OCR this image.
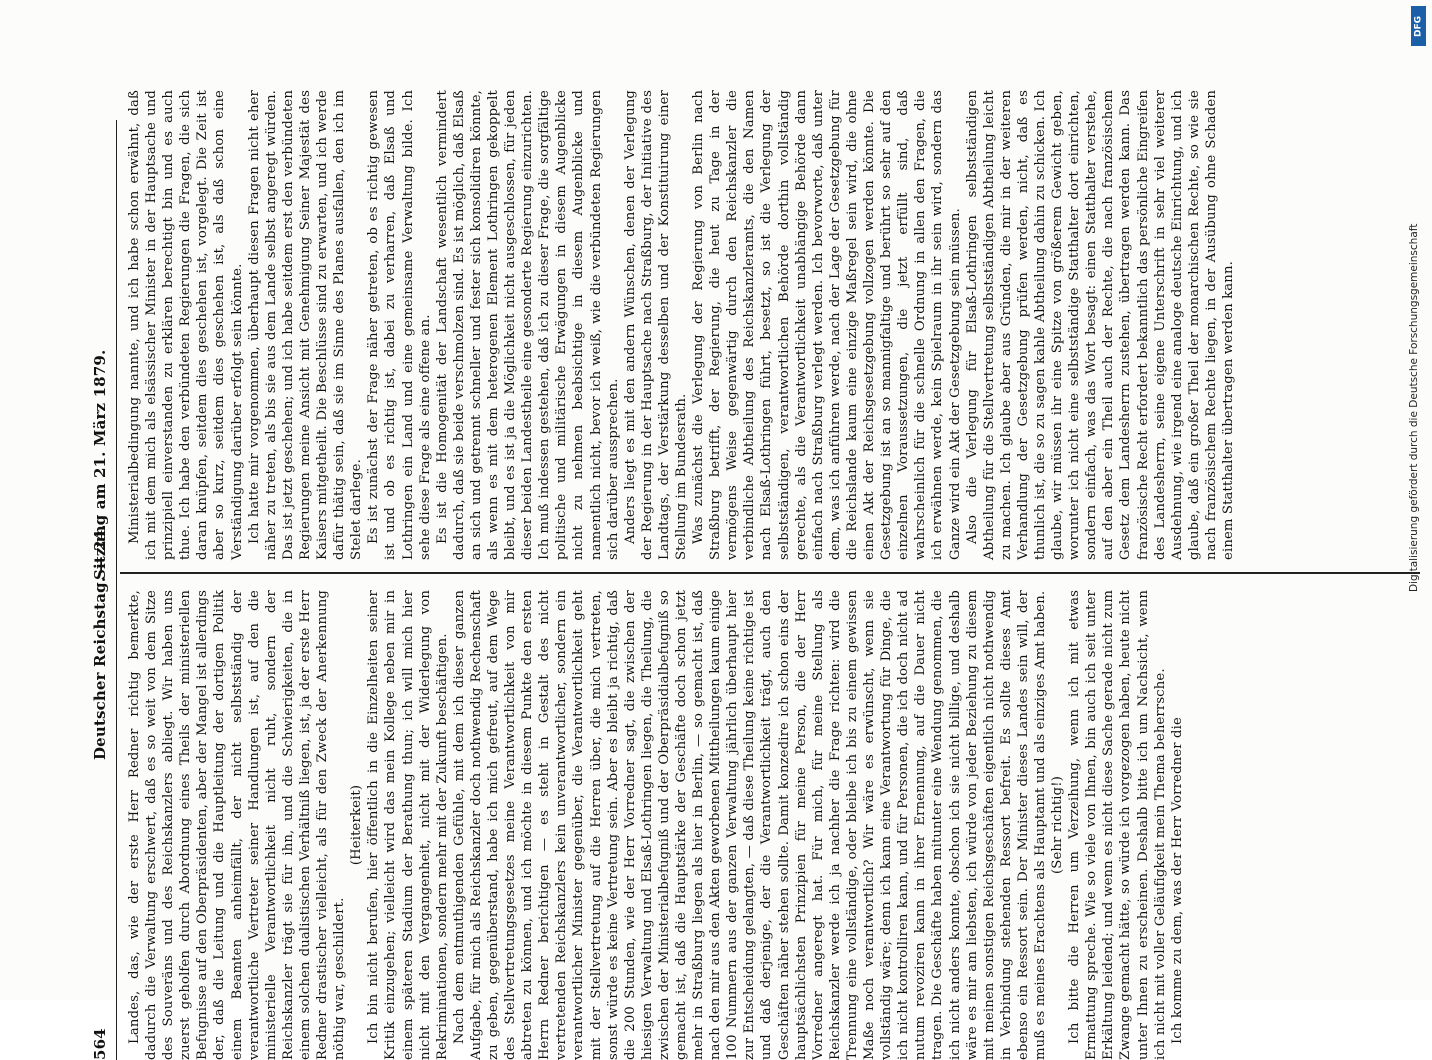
564
Deutscher Reichstag. — 24.
Sitzung am 21. März 1879.

Landes, das, wie der erste Herr Redner richtig bemerkte, dadurch die Verwaltung erschwert, daß es so weit von dem Sitze des Souveräns und des Reichskanzlers abliegt. Wir haben uns zuerst geholfen durch Abordnung eines Theils der ministeriellen Befugnisse auf den Oberpräsidenten, aber der Mangel ist allerdings der, daß die Leitung und die Hauptleitung der dortigen Politik einem Beamten anheimfällt, der nicht selbstständig der verantwortliche Vertreter seiner Handlungen ist, auf den die ministerielle Verantwortlichkeit nicht ruht, sondern der Reichskanzler trägt sie für ihn, und die Schwierigkeiten, die in einem solchen dualistischen Verhältniß liegen, ist, ja der erste Herr Redner drastischer vielleicht, als für den Zweck der Anerkennung nöthig war, geschildert.

(Heiterkeit) Ich bin nicht berufen, hier öffentlich in die Einzelheiten seiner Kritik einzugehen; vielleicht wird das mein Kollege neben mir in einem späteren Stadium der Berathung thun; ich will mich hier nicht mit den Vergangenheit, nicht mit der Widerlegung von Rekriminationen, sondern mehr mit der Zukunft beschäftigen. Nach dem entmuthigenden Gefühle, mit dem ich dieser ganzen Aufgabe, für mich als Reichskanzler doch nothwendig Rechenschaft zu geben, gegenüberstand, habe ich mich gefreut, auf dem Wege des Stellvertretungsgesetzes meine Verantwortlichkeit von mir abtreten zu können, und ich möchte in diesem Punkte den ersten Herrn Redner berichtigen — es steht in Gestalt des nicht vertretenden Reichskanzlers kein unverantwortlicher, sondern ein verantwortlicher Minister gegenüber, die Verantwortlichkeit geht mit der Stellvertretung auf die Herren über, die mich vertreten, sonst würde es keine Vertretung sein. Aber es bleibt ja richtig, daß die 200 Stunden, wie der Herr Vorredner sagt, die zwischen der hiesigen Verwaltung und Elsaß-Lothringen liegen, die Theilung, die zwischen der Ministerialbefugniß und der Oberpräsidialbefugniß so gemacht ist, daß die Hauptstärke der Geschäfte doch schon jetzt mehr in Straßburg liegen als hier in Berlin, — so gemacht ist, daß nach den mir aus den Akten geworbenen Mittheilungen kaum einige 100 Nummern aus der ganzen Verwaltung jährlich überhaupt hier zur Entscheidung gelangten, — daß diese Theilung keine richtige ist und daß derjenige, der die Verantwortlichkeit trägt, auch den Geschäften näher stehen sollte. Damit konzedire ich schon eins der hauptsächlichsten Prinzipien für meine Person, die der Herr Vorredner angeregt hat. Für mich, für meine Stellung als Reichskanzler werde ich ja nachher die Frage richten: wird die Trennung eine vollständige, oder bleibe ich bis zu einem gewissen Maße noch verantwortlich? Wir wäre es erwünscht, wenn sie vollständig wäre; denn ich kann eine Verantwortung für Dinge, die ich nicht kontrolliren kann, und für Personen, die ich doch nicht ad nutum revoziren kann in ihrer Ernennung, auf die Dauer nicht tragen. Die Geschäfte haben mitunter eine Wendung genommen, die ich nicht anders konnte, obschon ich sie nicht billige, und deshalb wäre es mir am liebsten, ich würde von jeder Beziehung zu diesem mit meinen sonstigen Reichsgeschäften eigentlich nicht nothwendig in Verbindung stehenden Ressort befreit. Es sollte dieses Amt ebenso ein Ressort sein. Der Minister dieses Landes sein will, der muß es meines Erachtens als Hauptamt und als einziges Amt haben. (Sehr richtig!) Ich bitte die Herren um Verzeihung, wenn ich mit etwas Ermattung spreche. Wie so viele von Ihnen, bin auch ich seit unter Erkältung leidend; und wenn es nicht diese Sache gerade nicht zum Zwange gemacht hätte, so würde ich vorgezogen haben, heute nicht unter Ihnen zu erscheinen. Deshalb bitte ich um Nachsicht, wenn ich nicht mit voller Geläufigkeit mein Thema beherrsche. Ich komme zu dem, was der Herr Vorredner die

Ministerialbedingung nannte, und ich habe schon erwähnt, daß ich mit dem mich als elsässischer Minister in der Hauptsache und prinzipiell einverstanden zu erklären berechtigt bin und es auch thue. Ich habe den verbündeten Regierungen die Fragen, die sich daran knüpfen, seitdem dies geschehen ist, vorgelegt. Die Zeit ist aber so kurz, seitdem dies geschehen ist, als daß schon eine Verständigung darüber erfolgt sein könnte. Ich hatte mir vorgenommen, überhaupt diesen Fragen nicht eher näher zu treten, als bis sie aus dem Lande selbst angeregt würden. Das ist jetzt geschehen; und ich habe seitdem erst den verbündeten Regierungen meine Ansicht mit Genehmigung Seiner Majestät des Kaisers mitgetheilt. Die Beschlüsse sind zu erwarten, und ich werde dafür thätig sein, daß sie im Sinne des Planes ausfallen, den ich im Stelet darlege. Es ist zunächst der Frage näher getreten, ob es richtig gewesen ist und ob es richtig ist, dabei zu verharren, daß Elsaß und Lothringen ein Land und eine gemeinsame Verwaltung bilde. Ich sehe diese Frage als eine offene an. Es ist die Homogenität der Landschaft wesentlich vermindert dadurch, daß sie beide verschmolzen sind. Es ist möglich, daß Elsaß an sich und getrennt schneller und fester sich konsolidiren könnte, als wenn es mit dem heterogenen Element Lothringen gekoppelt bleibt, und es ist ja die Möglichkeit nicht ausgeschlossen, für jeden dieser beiden Landestheile eine gesonderte Regierung einzurichten. Ich muß indessen gestehen, daß ich zu dieser Frage, die sorgfältige politische und militärische Erwägungen in diesem Augenblicke nicht zu nehmen beabsichtige in diesem Augenblicke und namentlich nicht, bevor ich weiß, wie die verbündeten Regierungen sich darüber aussprechen. Anders liegt es mit den andern Wünschen, denen der Verlegung der Regierung in der Hauptsache nach Straßburg, der Initiative des Landtags, der Verstärkung desselben und der Konstituirung einer Stellung im Bundesrath. Was zunächst die Verlegung der Regierung von Berlin nach Straßburg betrifft, der Regierung, die heut zu Tage in der vermögens Weise gegenwärtig durch den Reichskanzler die verbindliche Abtheilung des Reichskanzleramts, die den Namen nach Elsaß-Lothringen führt, besetzt, so ist die Verlegung der selbstständigen, verantwortlichen Behörde dorthin vollständig gerechte, als die Verantwortlichkeit unabhängige Behörde dann einfach nach Straßburg verlegt werden. Ich bevorworte, daß unter dem, was ich anführen werde, nach der Lage der Gesetzgebung für die Reichslande kaum eine einzige Maßregel sein wird, die ohne einen Akt der Reichsgesetzgebung vollzogen werden könnte. Die Gesetzgebung ist an so mannigfaltige und berührt so sehr auf den einzelnen Voraussetzungen, die jetzt erfüllt sind, daß wahrscheinlich für die schnelle Ordnung in allen den Fragen, die ich erwähnen werde, kein Spielraum in ihr sein wird, sondern das Ganze wird ein Akt der Gesetzgebung sein müssen. Also die Verlegung für Elsaß-Lothringen selbstständigen Abtheilung für die Stellvertretung selbstständigen Abtheilung leicht zu machen. Ich glaube aber aus Gründen, die mir in der weiteren Verhandlung der Gesetzgebung prüfen werden, nicht, daß es thunlich ist, die so zu sagen kahle Abtheilung dahin zu schicken. Ich glaube, wir müssen ihr eine Spitze von größerem Gewicht geben, worunter ich nicht eine selbstständige Statthalter dort einrichten, sondern einfach, was das Wort besagt: einen Statthalter verstehe, auf den aber ein Theil auch der Rechte, die nach französischem Gesetz dem Landesherrn zustehen, übertragen werden kann. Das französische Recht erfordert bekanntlich das persönliche Eingreifen des Landesherrn, seine eigene Unterschrift in sehr viel weiterer Ausdehnung, wie irgend eine analoge deutsche Einrichtung, und ich glaube, daß ein großer Theil der monarchischen Rechte, so wie sie nach französischem Rechte liegen, in der Ausübung ohne Schaden einem Statthalter übertragen werden kann.

DFG
Digitalisierung gefördert durch die Deutsche Forschungsgemeinschaft
